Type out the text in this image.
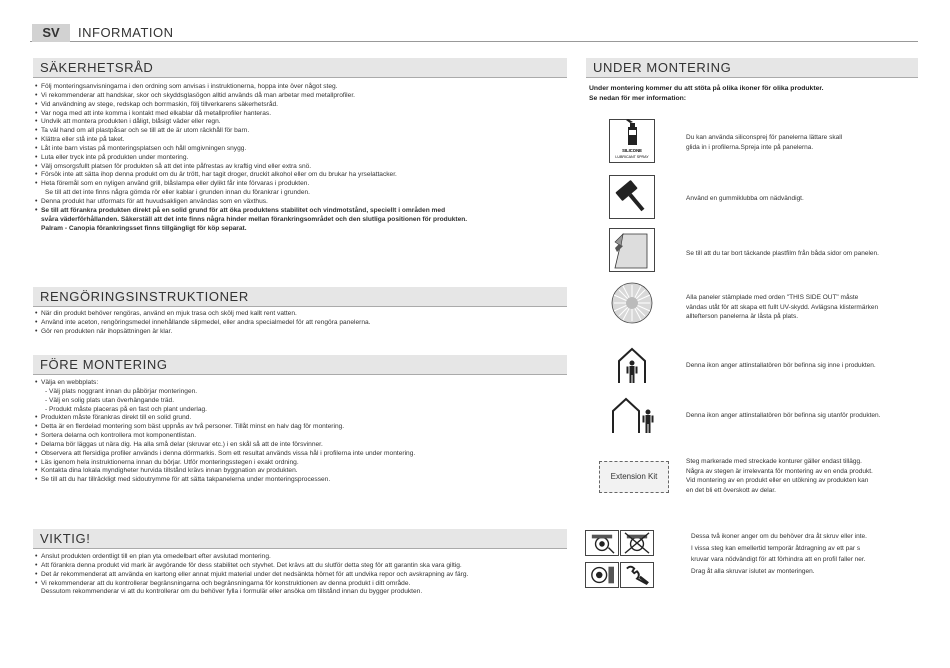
SV	INFORMATION
SÄKERHETSRÅD
• Följ monteringsanvisningarna i den ordning som anvisas i instruktionerna, hoppa inte över något steg.
• Vi rekommenderar att handskar, skor och skyddsglasögon alltid används då man arbetar med metallprofiler.
• Vid användning av stege, redskap och borrmaskin, följ tillverkarens säkerhetsråd.
• Var noga med att inte komma i kontakt med elkablar då metallprofiler hanteras.
• Undvik att montera produkten i dåligt, blåsigt väder eller regn.
• Ta väl hand om all plastpåsar och se till att de är utom räckhåll för barn.
• Klättra eller stå inte på taket.
• Låt inte barn vistas på monteringsplatsen och håll omgivningen snygg.
• Luta eller tryck inte på produkten under montering.
• Välj omsorgsfullt platsen för produkten så att det inte påfrestas av kraftig vind eller extra snö.
• Försök inte att sätta ihop denna produkt om du är trött, har tagit droger, druckit alkohol eller om du brukar ha yrselattacker.
• Heta föremål som en nyligen använd grill, blåslampa eller dylikt får inte förvaras i produkten.
Se till att det inte finns några gömda rör eller kablar i grunden innan du förankrar i grunden.
• Denna produkt har utformats för att huvudsakligen användas som en växthus.
• Se till att förankra produkten direkt på en solid grund för att öka produktens stabilitet och vindmotstånd, speciellt i områden med
svåra väderförhållanden. Säkerställ att det inte finns några hinder mellan förankringsområdet och den slutliga positionen för produkten.
Palram - Canopia förankringsset finns tillgängligt för köp separat.
RENGÖRINGSINSTRUKTIONER
• När din produkt behöver rengöras, använd en mjuk trasa och skölj med kallt rent vatten.
• Använd inte aceton, rengöringsmedel innehållande slipmedel, eller andra specialmedel för att rengöra panelerna.
• Gör ren produkten när ihopsättningen är klar.
FÖRE MONTERING
• Välja en webbplats:
- Välj plats noggrant innan du påbörjar monteringen.
- Välj en solig plats utan överhängande träd.
- Produkt måste placeras på en fast och plant underlag.
• Produkten måste förankras direkt till en solid grund.
• Detta är en flerdelad montering som bäst uppnås av två personer. Tillåt minst en halv dag för montering.
• Sortera delarna och kontrollera mot komponentlistan.
• Delarna bör läggas ut nära dig. Ha alla små delar (skruvar etc.) i en skål så att de inte försvinner.
• Observera att flersidiga profiler används i denna dörrmarkis. Som ett resultat används vissa hål i profilerna inte under montering.
• Läs igenom hela instruktionerna innan du börjar. Utför monteringsstegen i exakt ordning.
• Kontakta dina lokala myndigheter hurvida tillstånd krävs innan byggnation av produkten.
• Se till att du har tillräckligt med sidoutrymme för att sätta takpanelerna under monteringsprocessen.
VIKTIG!
• Anslut produkten ordentligt till en plan yta omedelbart efter avslutad montering.
• Att förankra denna produkt vid mark är avgörande för dess stabilitet och styvhet. Det krävs att du slutför detta steg för att garantin ska vara giltig.
• Det är rekommenderat att använda en kartong eller annat mjukt material under det nedsänkta hörnet för att undvika repor och avskrapning av färg.
• Vi rekommenderar att du kontrollerar begränsningarna och begränsningarna för konstruktionen av denna produkt i ditt område.
Dessutom rekommenderar vi att du kontrollerar om du behöver fylla i formulär eller ansöka om tillstånd innan du bygger produkten.
UNDER MONTERING
Under montering kommer du att stöta på olika ikoner för olika produkter.
Se nedan för mer information:
SILICONE
LUBRICANT SPRAY
Du kan använda siliconsprej för panelerna lättare skall
glida in i profilerna.Spreja inte på panelerna.
Använd en gummiklubba om nädvändigt.
Se till att du tar bort täckande plastfilm från båda sidor om panelen.
Alla paneler stämplade med orden "THIS SIDE OUT" måste
vändas utåt för att skapa ett fullt UV-skydd. Avlägsna klistermärken
alltefterson panelerna är låsta på plats.
Denna ikon anger attinstallatören bör befinna sig inne i produkten.
Denna ikon anger attinstallatören bör befinna sig utanför produkten.
Extension Kit
Steg markerade med streckade konturer gäller endast tillägg.
Några av stegen är irrelevanta för montering av en enda produkt.
Vid montering av en produkt eller en utökning av produkten kan
en det bli ett överskott av delar.
Dessa två ikoner anger om du behöver dra åt skruv eller inte.
I vissa steg kan emellertid temporär åtdragning av ett par s
kruvar vara nödvändigt för att förhindra att en profil faller ner.
Drag åt alla skruvar islutet av monteringen.
